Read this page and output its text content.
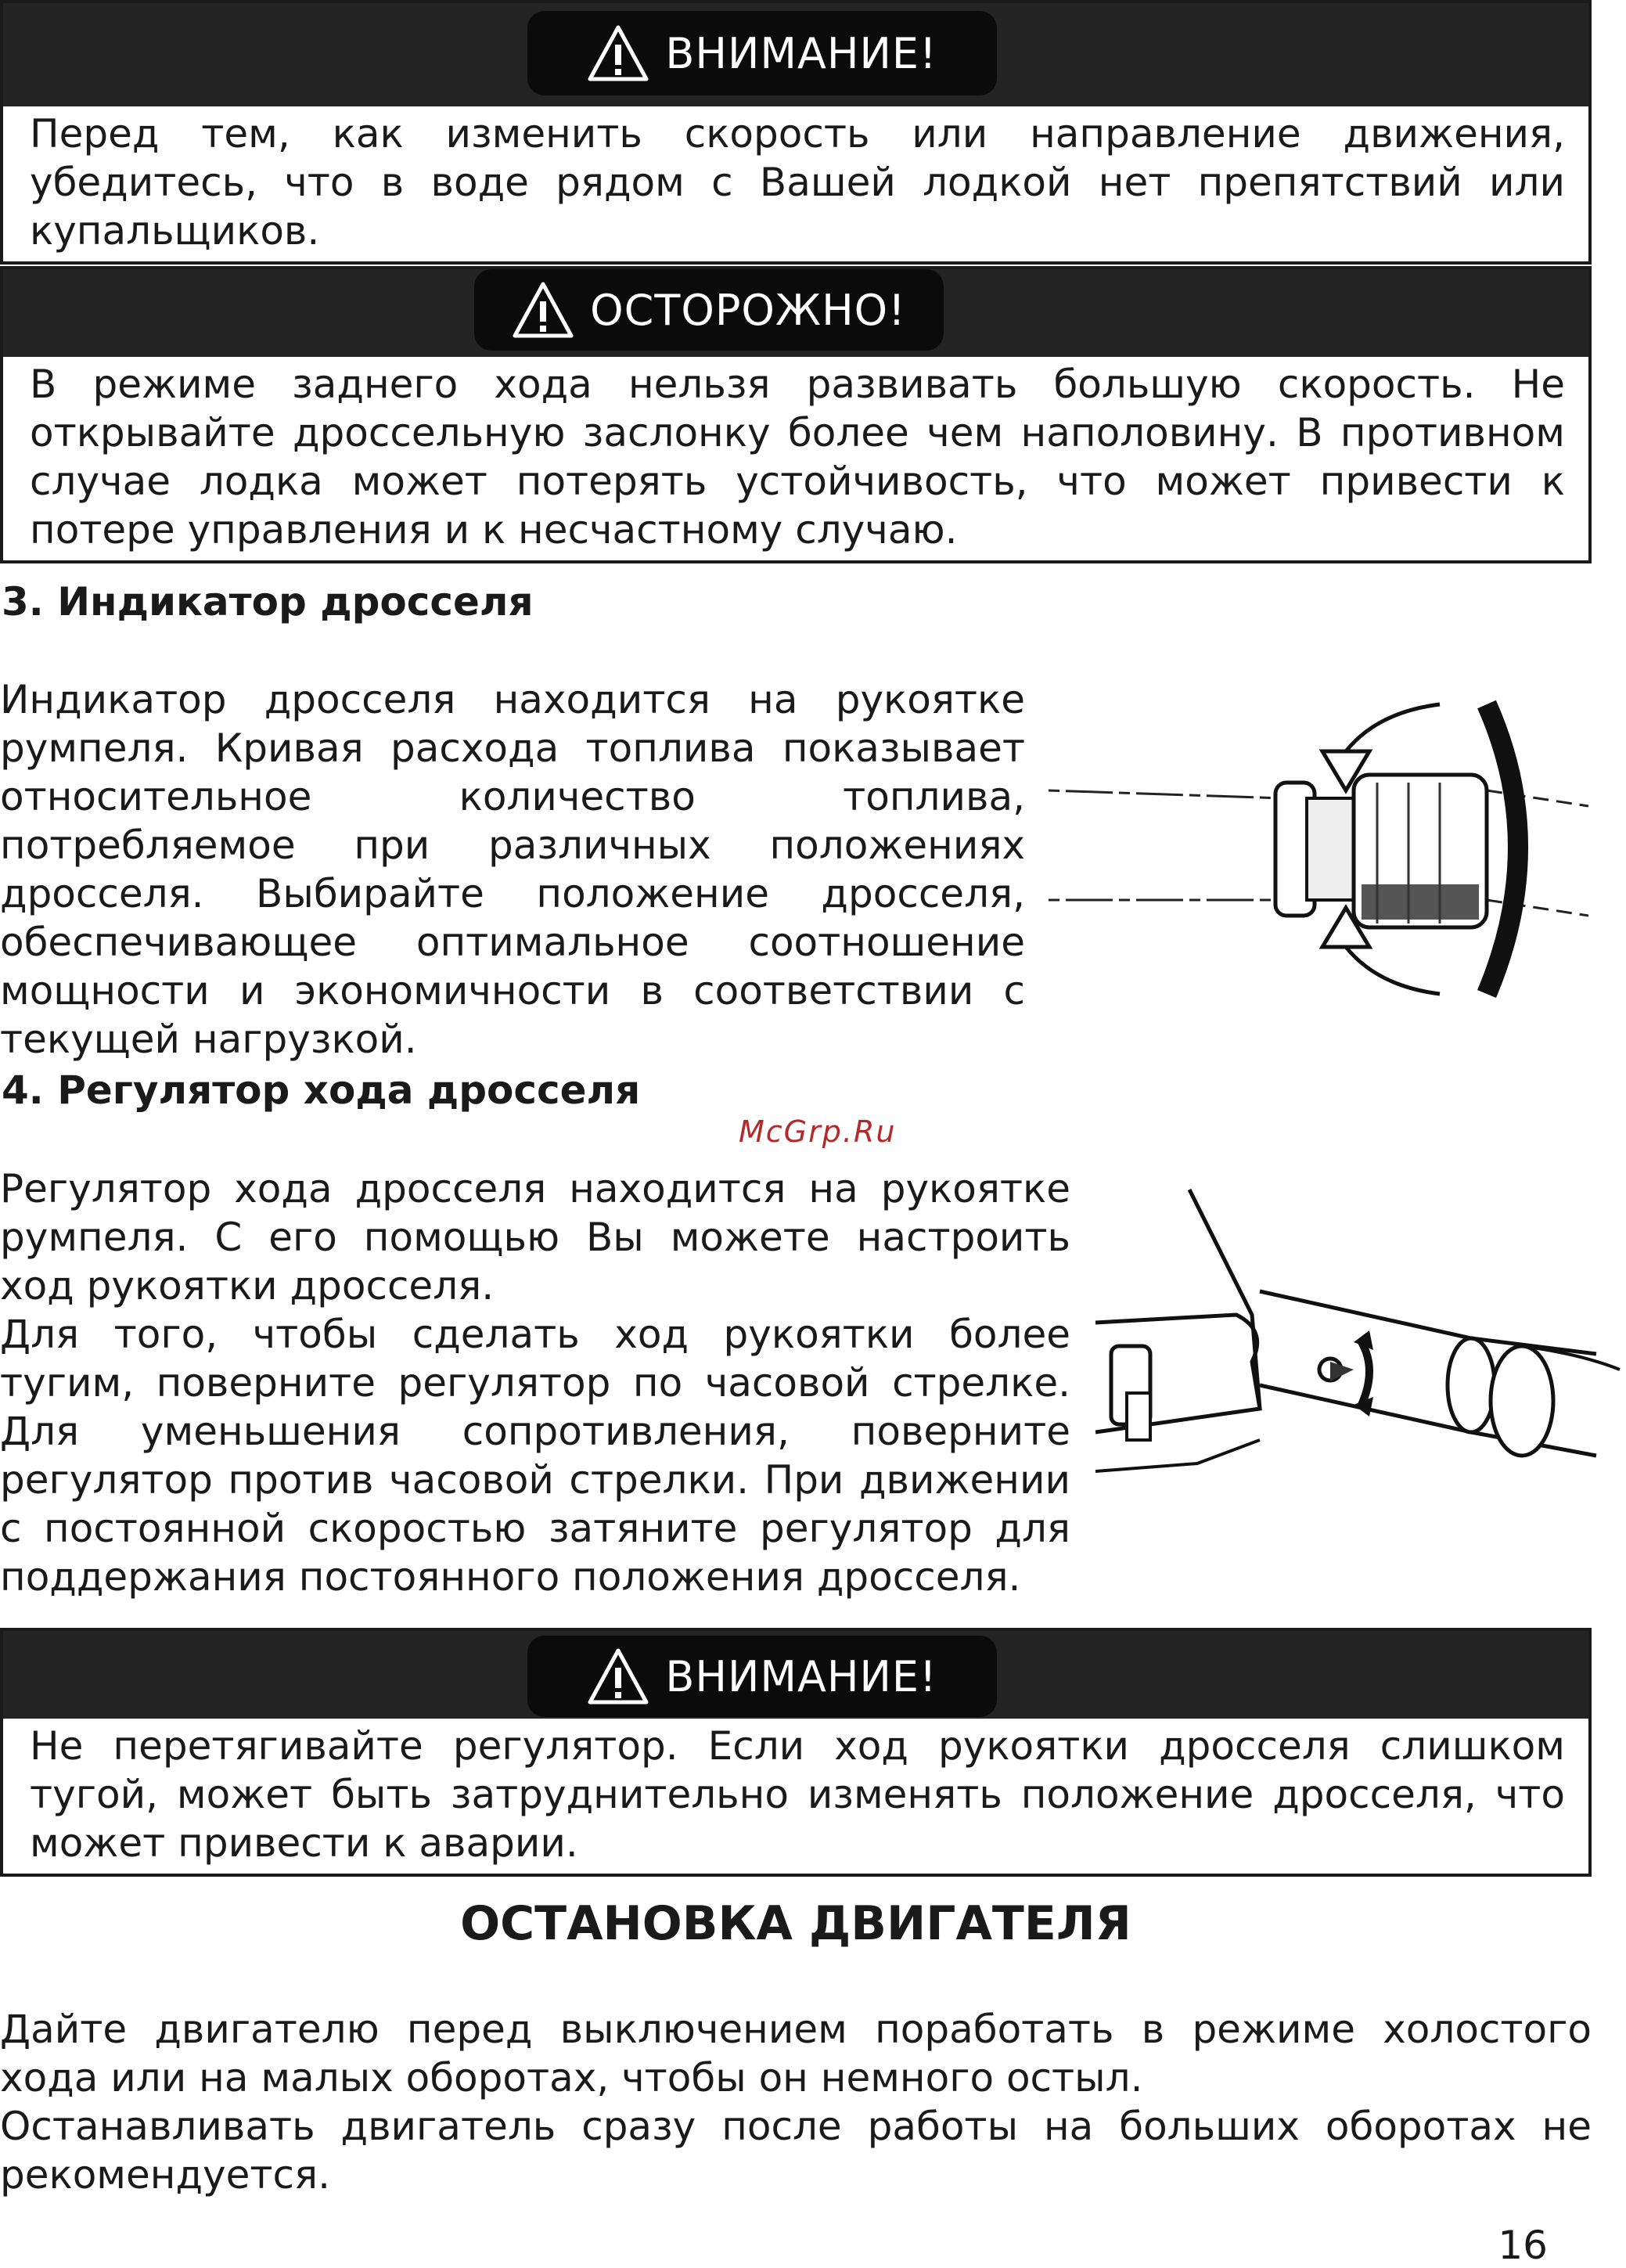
ВНИМАНИЕ!
Перед тем, как изменить скорость или направление движения, убедитесь, что в воде рядом с Вашей лодкой нет препятствий или купальщиков.
ОСТОРОЖНО!
В режиме заднего хода нельзя развивать большую скорость. Не открывайте дроссельную заслонку более чем наполовину. В противном случае лодка может потерять устойчивость, что может привести к потере управления и к несчастному случаю.
3. Индикатор дросселя
Индикатор дросселя находится на рукоятке румпеля. Кривая расхода топлива показывает относительное количество топлива, потребляемое при различных положениях дросселя. Выбирайте положение дросселя, обеспечивающее оптимальное соотношение мощности и экономичности в соответствии с текущей нагрузкой.
4. Регулятор хода дросселя
McGrp.Ru

Регулятор хода дросселя находится на рукоятке румпеля. С его помощью Вы можете настроить ход рукоятки дросселя.

Для того, чтобы сделать ход рукоятки более тугим, поверните регулятор по часовой стрелке. Для уменьшения сопротивления, поверните регулятор против часовой стрелки. При движении с постоянной скоростью затяните регулятор для поддержания постоянного положения дросселя.

ВНИМАНИЕ!
Не перетягивайте регулятор. Если ход рукоятки дросселя слишком тугой, может быть затруднительно изменять положение дросселя, что может привести к аварии.
ОСТАНОВКА ДВИГАТЕЛЯ

Дайте двигателю перед выключением поработать в режиме холостого хода или на малых оборотах, чтобы он немного остыл.

Останавливать двигатель сразу после работы на больших оборотах не рекомендуется.

16
